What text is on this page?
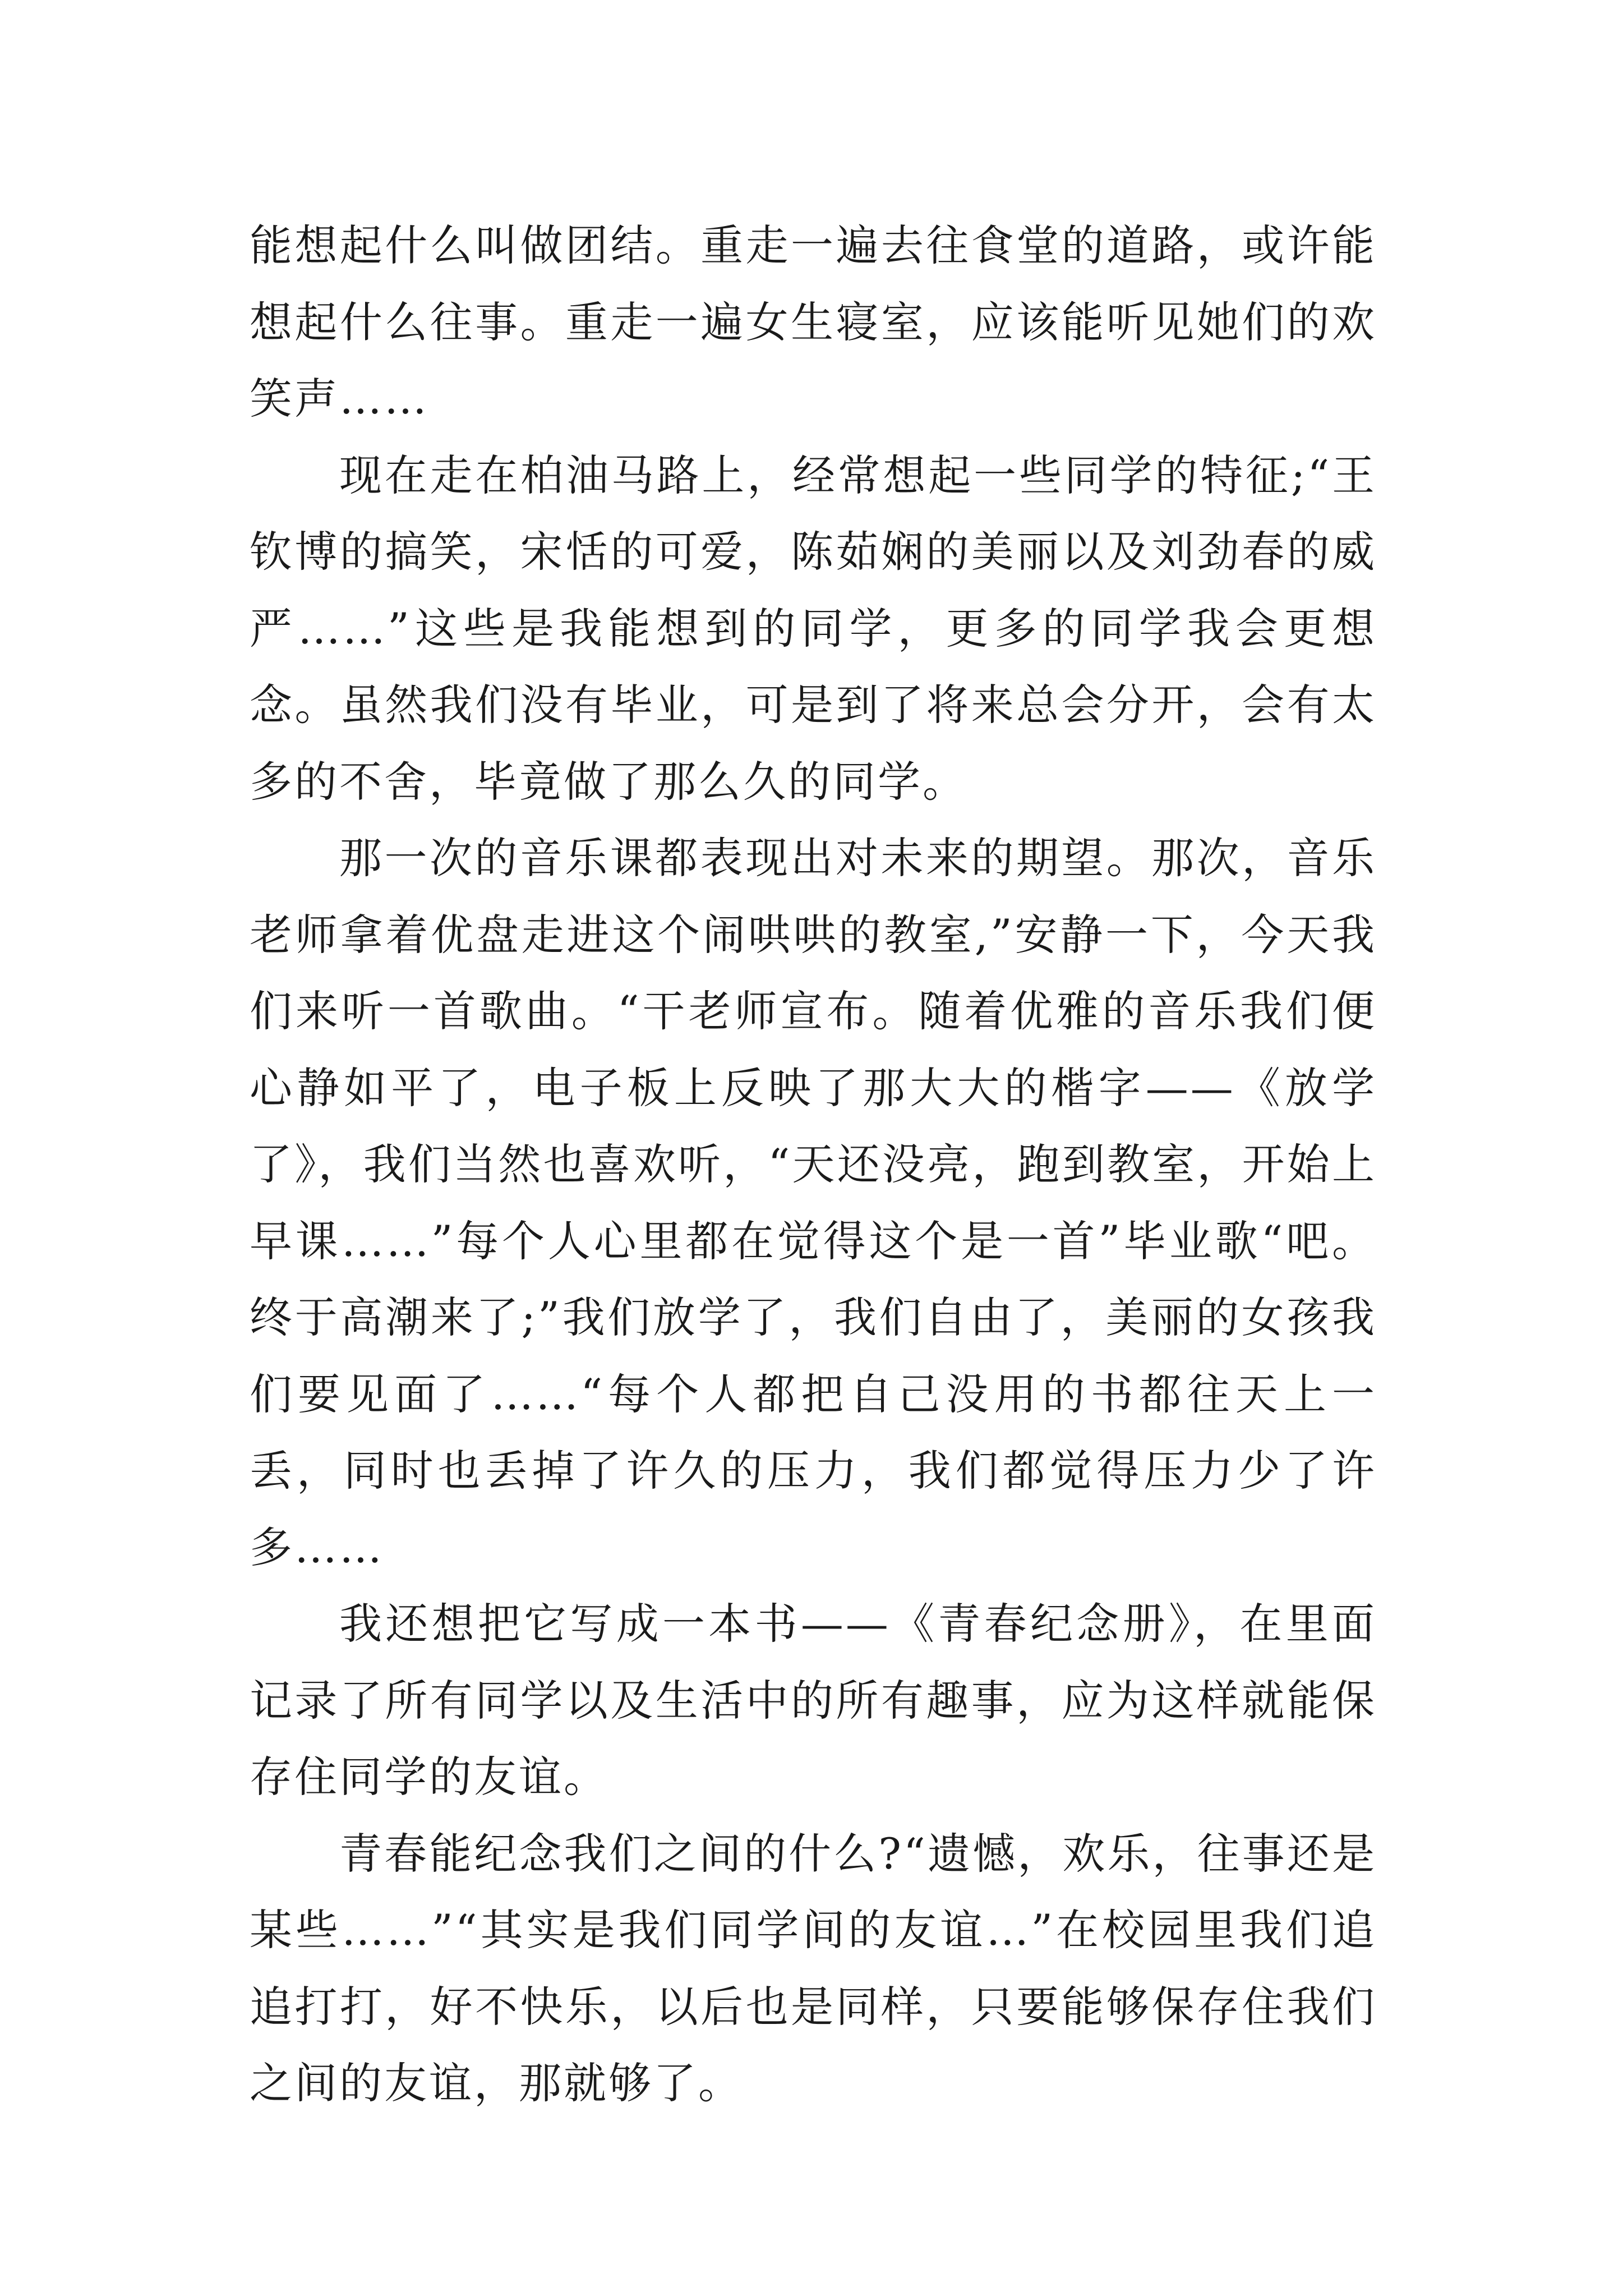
能想起什么叫做团结。重走一遍去往食堂的道路，或许能想起什么往事。重走一遍女生寝室，应该能听见她们的欢笑声……

现在走在柏油马路上，经常想起一些同学的特征;“王钦博的搞笑，宋恬的可爱，陈茹娴的美丽以及刘劲春的威严……”这些是我能想到的同学，更多的同学我会更想念。虽然我们没有毕业，可是到了将来总会分开，会有太多的不舍，毕竟做了那么久的同学。

那一次的音乐课都表现出对未来的期望。那次，音乐老师拿着优盘走进这个闹哄哄的教室,”安静一下，今天我们来听一首歌曲。“干老师宣布。随着优雅的音乐我们便心静如平了，电子板上反映了那大大的楷字——《放学了》，我们当然也喜欢听，“天还没亮，跑到教室，开始上早课……”每个人心里都在觉得这个是一首”毕业歌“吧。终于高潮来了;”我们放学了，我们自由了，美丽的女孩我们要见面了……“每个人都把自己没用的书都往天上一丢，同时也丢掉了许久的压力，我们都觉得压力少了许多……

我还想把它写成一本书——《青春纪念册》，在里面记录了所有同学以及生活中的所有趣事，应为这样就能保存住同学的友谊。

青春能纪念我们之间的什么?“遗憾，欢乐，往事还是某些……”“其实是我们同学间的友谊…”在校园里我们追追打打，好不快乐，以后也是同样，只要能够保存住我们之间的友谊，那就够了。
